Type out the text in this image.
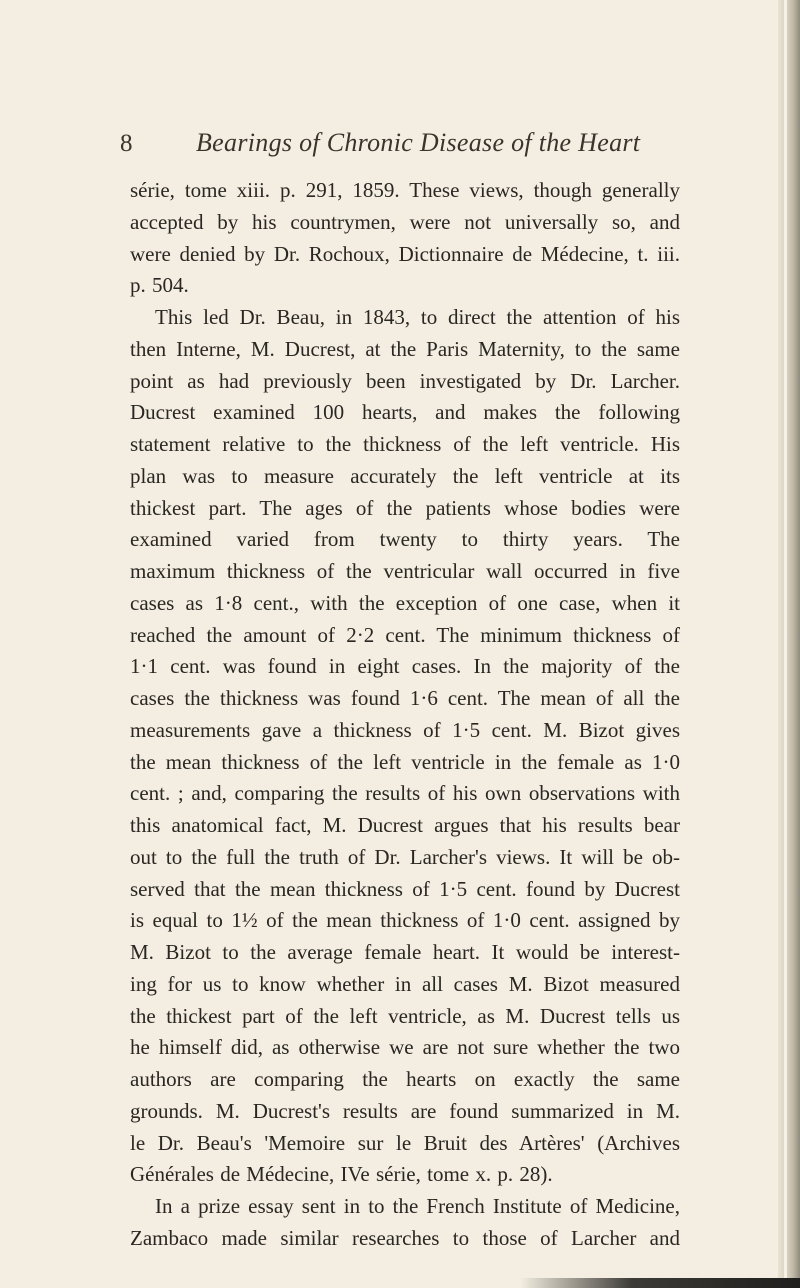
8 Bearings of Chronic Disease of the Heart
série, tome xiii. p. 291, 1859. These views, though generally
accepted by his countrymen, were not universally so, and
were denied by Dr. Rochoux, Dictionnaire de Médecine, t. iii.
p. 504.
This led Dr. Beau, in 1843, to direct the attention of his
then Interne, M. Ducrest, at the Paris Maternity, to the same
point as had previously been investigated by Dr. Larcher.
Ducrest examined 100 hearts, and makes the following
statement relative to the thickness of the left ventricle. His
plan was to measure accurately the left ventricle at its
thickest part. The ages of the patients whose bodies were
examined varied from twenty to thirty years. The
maximum thickness of the ventricular wall occurred in five
cases as 1·8 cent., with the exception of one case, when it
reached the amount of 2·2 cent. The minimum thickness of
1·1 cent. was found in eight cases. In the majority of the
cases the thickness was found 1·6 cent. The mean of all the
measurements gave a thickness of 1·5 cent. M. Bizot gives
the mean thickness of the left ventricle in the female as 1·0
cent. ; and, comparing the results of his own observations with
this anatomical fact, M. Ducrest argues that his results bear
out to the full the truth of Dr. Larcher's views. It will be ob-
served that the mean thickness of 1·5 cent. found by Ducrest
is equal to 1½ of the mean thickness of 1·0 cent. assigned by
M. Bizot to the average female heart. It would be interest-
ing for us to know whether in all cases M. Bizot measured
the thickest part of the left ventricle, as M. Ducrest tells us
he himself did, as otherwise we are not sure whether the two
authors are comparing the hearts on exactly the same
grounds. M. Ducrest's results are found summarized in M.
le Dr. Beau's 'Memoire sur le Bruit des Artères' (Archives
Générales de Médecine, IVe série, tome x. p. 28).
In a prize essay sent in to the French Institute of Medicine,
Zambaco made similar researches to those of Larcher and
